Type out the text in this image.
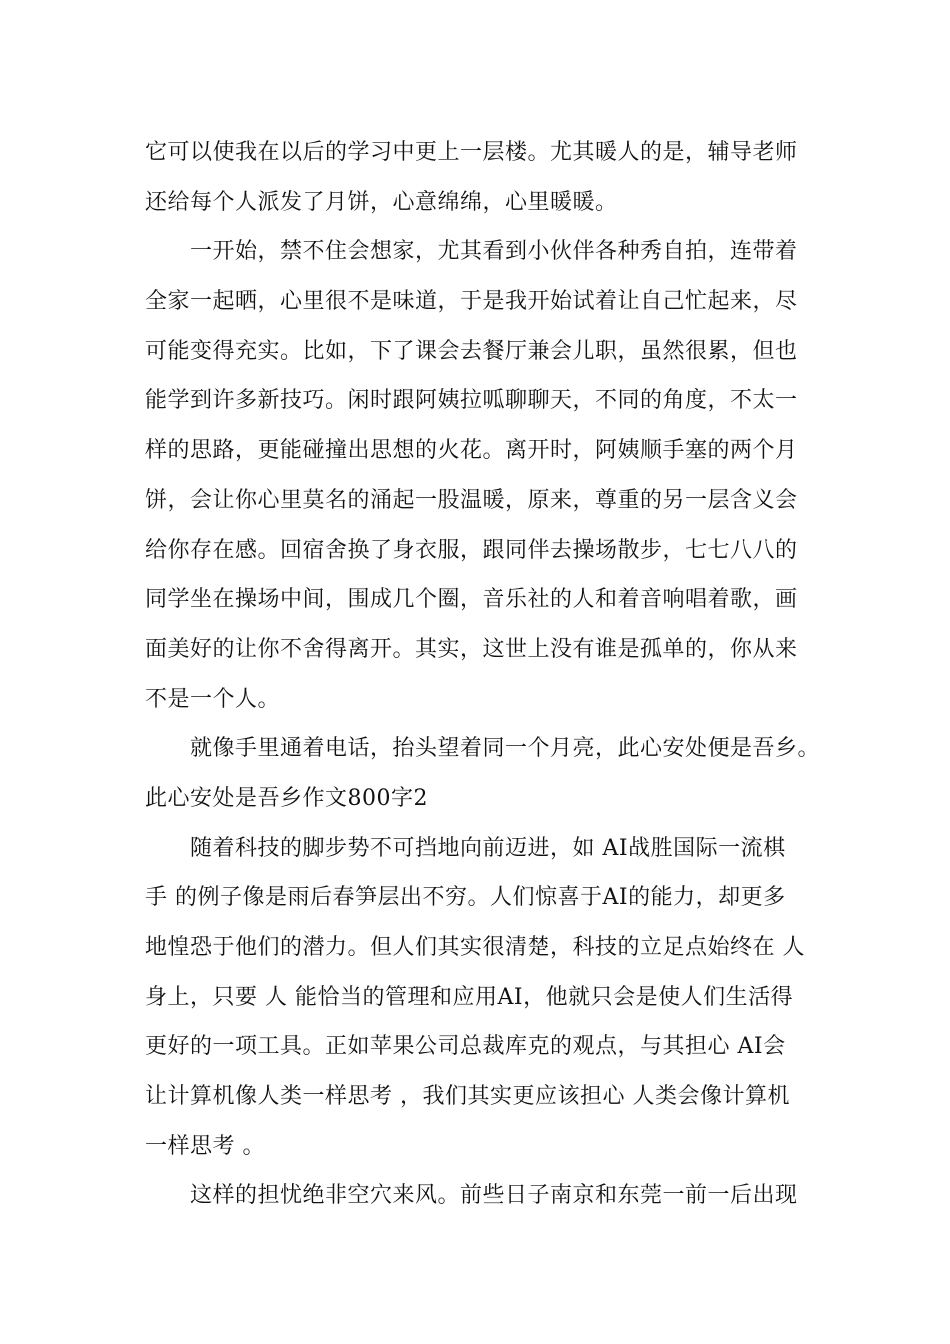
它可以使我在以后的学习中更上一层楼。尤其暖人的是，辅导老师
还给每个人派发了月饼，心意绵绵，心里暖暖。
一开始，禁不住会想家，尤其看到小伙伴各种秀自拍，连带着
全家一起晒，心里很不是味道，于是我开始试着让自己忙起来，尽
可能变得充实。比如，下了课会去餐厅兼会儿职，虽然很累，但也
能学到许多新技巧。闲时跟阿姨拉呱聊聊天，不同的角度，不太一
样的思路，更能碰撞出思想的火花。离开时，阿姨顺手塞的两个月
饼，会让你心里莫名的涌起一股温暖，原来，尊重的另一层含义会
给你存在感。回宿舍换了身衣服，跟同伴去操场散步，七七八八的
同学坐在操场中间，围成几个圈，音乐社的人和着音响唱着歌，画
面美好的让你不舍得离开。其实，这世上没有谁是孤单的，你从来
不是一个人。
就像手里通着电话，抬头望着同一个月亮，此心安处便是吾乡。
此心安处是吾乡作文800字2
随着科技的脚步势不可挡地向前迈进，如 AI战胜国际一流棋
手 的例子像是雨后春笋层出不穷。人们惊喜于AI的能力，却更多
地惶恐于他们的潜力。但人们其实很清楚，科技的立足点始终在 人
身上，只要 人 能恰当的管理和应用AI，他就只会是使人们生活得
更好的一项工具。正如苹果公司总裁库克的观点，与其担心 AI会
让计算机像人类一样思考 ，我们其实更应该担心 人类会像计算机
一样思考 。
这样的担忧绝非空穴来风。前些日子南京和东莞一前一后出现
